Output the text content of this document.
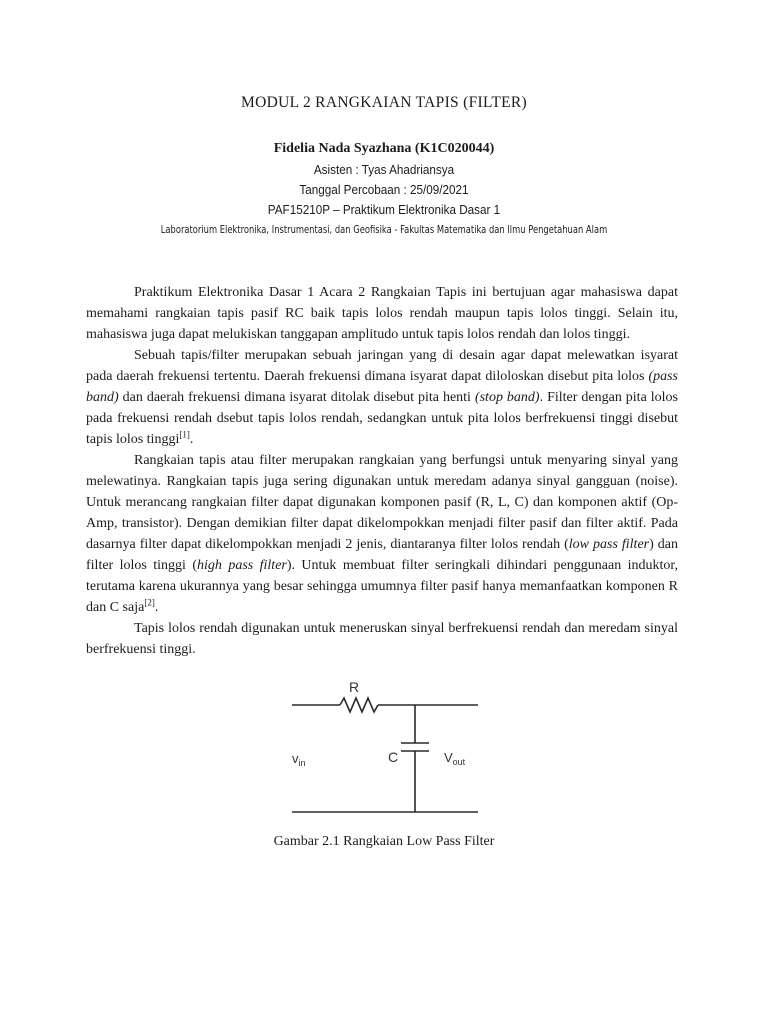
MODUL 2 RANGKAIAN TAPIS (FILTER)
Fidelia Nada Syazhana (K1C020044)
Asisten : Tyas Ahadriansya
Tanggal Percobaan : 25/09/2021
PAF15210P – Praktikum Elektronika Dasar 1
Laboratorium Elektronika, Instrumentasi, dan Geofisika - Fakultas Matematika dan Ilmu Pengetahuan Alam

Praktikum Elektronika Dasar 1 Acara 2 Rangkaian Tapis ini bertujuan agar mahasiswa dapat memahami rangkaian tapis pasif RC baik tapis lolos rendah maupun tapis lolos tinggi. Selain itu, mahasiswa juga dapat melukiskan tanggapan amplitudo untuk tapis lolos rendah dan lolos tinggi.

Sebuah tapis/filter merupakan sebuah jaringan yang di desain agar dapat melewatkan isyarat pada daerah frekuensi tertentu. Daerah frekuensi dimana isyarat dapat diloloskan disebut pita lolos (pass band) dan daerah frekuensi dimana isyarat ditolak disebut pita henti (stop band). Filter dengan pita lolos pada frekuensi rendah dsebut tapis lolos rendah, sedangkan untuk pita lolos berfrekuensi tinggi disebut tapis lolos tinggi[1].

Rangkaian tapis atau filter merupakan rangkaian yang berfungsi untuk menyaring sinyal yang melewatinya. Rangkaian tapis juga sering digunakan untuk meredam adanya sinyal gangguan (noise). Untuk merancang rangkaian filter dapat digunakan komponen pasif (R, L, C) dan komponen aktif (Op-Amp, transistor). Dengan demikian filter dapat dikelompokkan menjadi filter pasif dan filter aktif. Pada dasarnya filter dapat dikelompokkan menjadi 2 jenis, diantaranya filter lolos rendah (low pass filter) dan filter lolos tinggi (high pass filter). Untuk membuat filter seringkali dihindari penggunaan induktor, terutama karena ukurannya yang besar sehingga umumnya filter pasif hanya memanfaatkan komponen R dan C saja[2].

Tapis lolos rendah digunakan untuk meneruskan sinyal berfrekuensi rendah dan meredam sinyal berfrekuensi tinggi.

R
C
$v_{in}$	$V_{out}$
Gambar 2.1 Rangkaian Low Pass Filter
